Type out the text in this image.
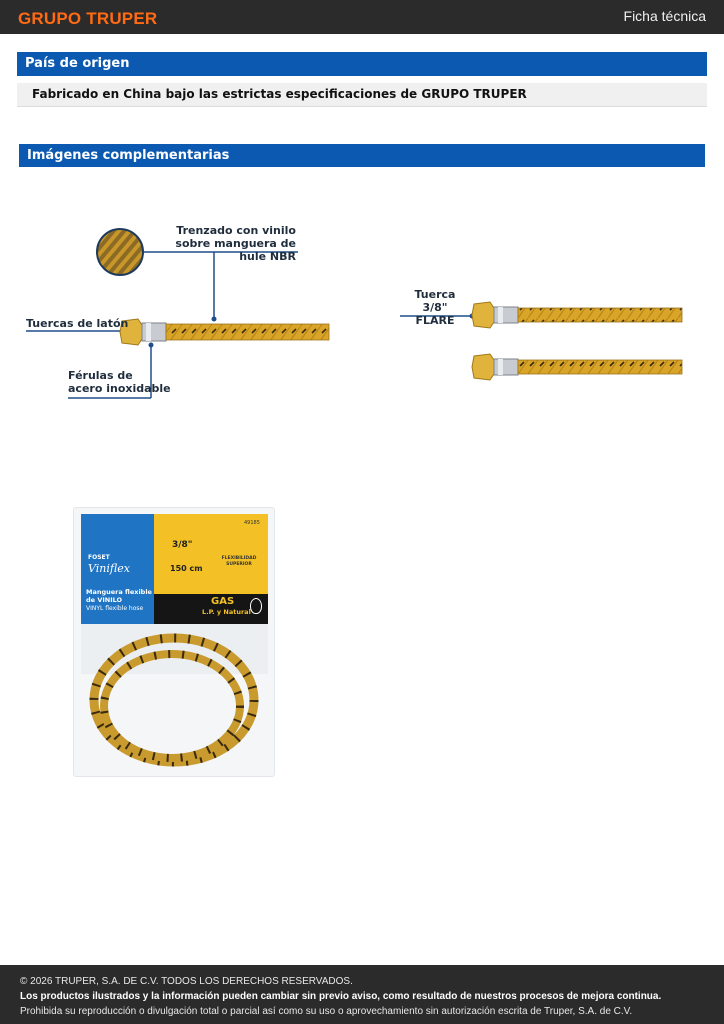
GRUPO TRUPER	Ficha técnica
País de origen
Fabricado en China bajo las estrictas especificaciones de GRUPO TRUPER
Imágenes complementarias
Trenzado con vinilo
sobre manguera de hule NBR
Tuercas de latón
Férulas de
acero inoxidable
Tuerca 3/8"
FLARE
FOSET
Viniflex
Manguera flexible
de VINILO
VINYL flexible hose
49185
3/8"
150 cm
FLEXIBILIDAD SUPERIOR
GAS
L.P. y Natural
© 2026 TRUPER, S.A. DE C.V. TODOS LOS DERECHOS RESERVADOS.
Los productos ilustrados y la información pueden cambiar sin previo aviso, como resultado de nuestros procesos de mejora continua.
Prohibida su reproducción o divulgación total o parcial así como su uso o aprovechamiento sin autorización escrita de Truper, S.A. de C.V.
